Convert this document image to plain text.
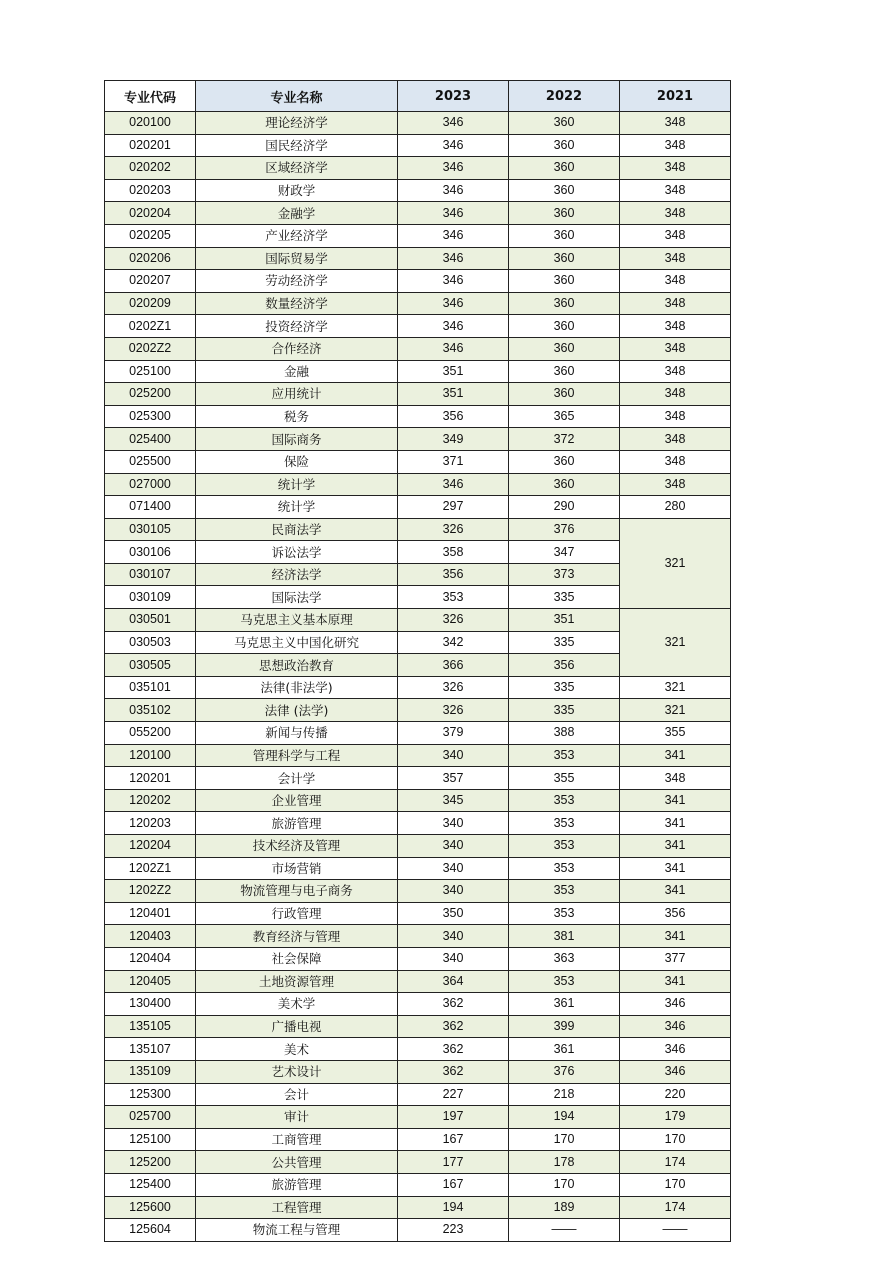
专业代码	专业名称	2023	2022	2021
020100	理论经济学	346	360	348
020201	国民经济学	346	360	348
020202	区域经济学	346	360	348
020203	财政学	346	360	348
020204	金融学	346	360	348
020205	产业经济学	346	360	348
020206	国际贸易学	346	360	348
020207	劳动经济学	346	360	348
020209	数量经济学	346	360	348
0202Z1	投资经济学	346	360	348
0202Z2	合作经济	346	360	348
025100	金融	351	360	348
025200	应用统计	351	360	348
025300	税务	356	365	348
025400	国际商务	349	372	348
025500	保险	371	360	348
027000	统计学	346	360	348
071400	统计学	297	290	280
030105	民商法学	326	376	321
030106	诉讼法学	358	347	
030107	经济法学	356	373	
030109	国际法学	353	335	
030501	马克思主义基本原理	326	351	321
030503	马克思主义中国化研究	342	335	
030505	思想政治教育	366	356	
035101	法律(非法学)	326	335	321
035102	法律 (法学)	326	335	321
055200	新闻与传播	379	388	355
120100	管理科学与工程	340	353	341
120201	会计学	357	355	348
120202	企业管理	345	353	341
120203	旅游管理	340	353	341
120204	技术经济及管理	340	353	341
1202Z1	市场营销	340	353	341
1202Z2	物流管理与电子商务	340	353	341
120401	行政管理	350	353	356
120403	教育经济与管理	340	381	341
120404	社会保障	340	363	377
120405	土地资源管理	364	353	341
130400	美术学	362	361	346
135105	广播电视	362	399	346
135107	美术	362	361	346
135109	艺术设计	362	376	346
125300	会计	227	218	220
025700	审计	197	194	179
125100	工商管理	167	170	170
125200	公共管理	177	178	174
125400	旅游管理	167	170	170
125600	工程管理	194	189	174
125604	物流工程与管理	223	——	——
